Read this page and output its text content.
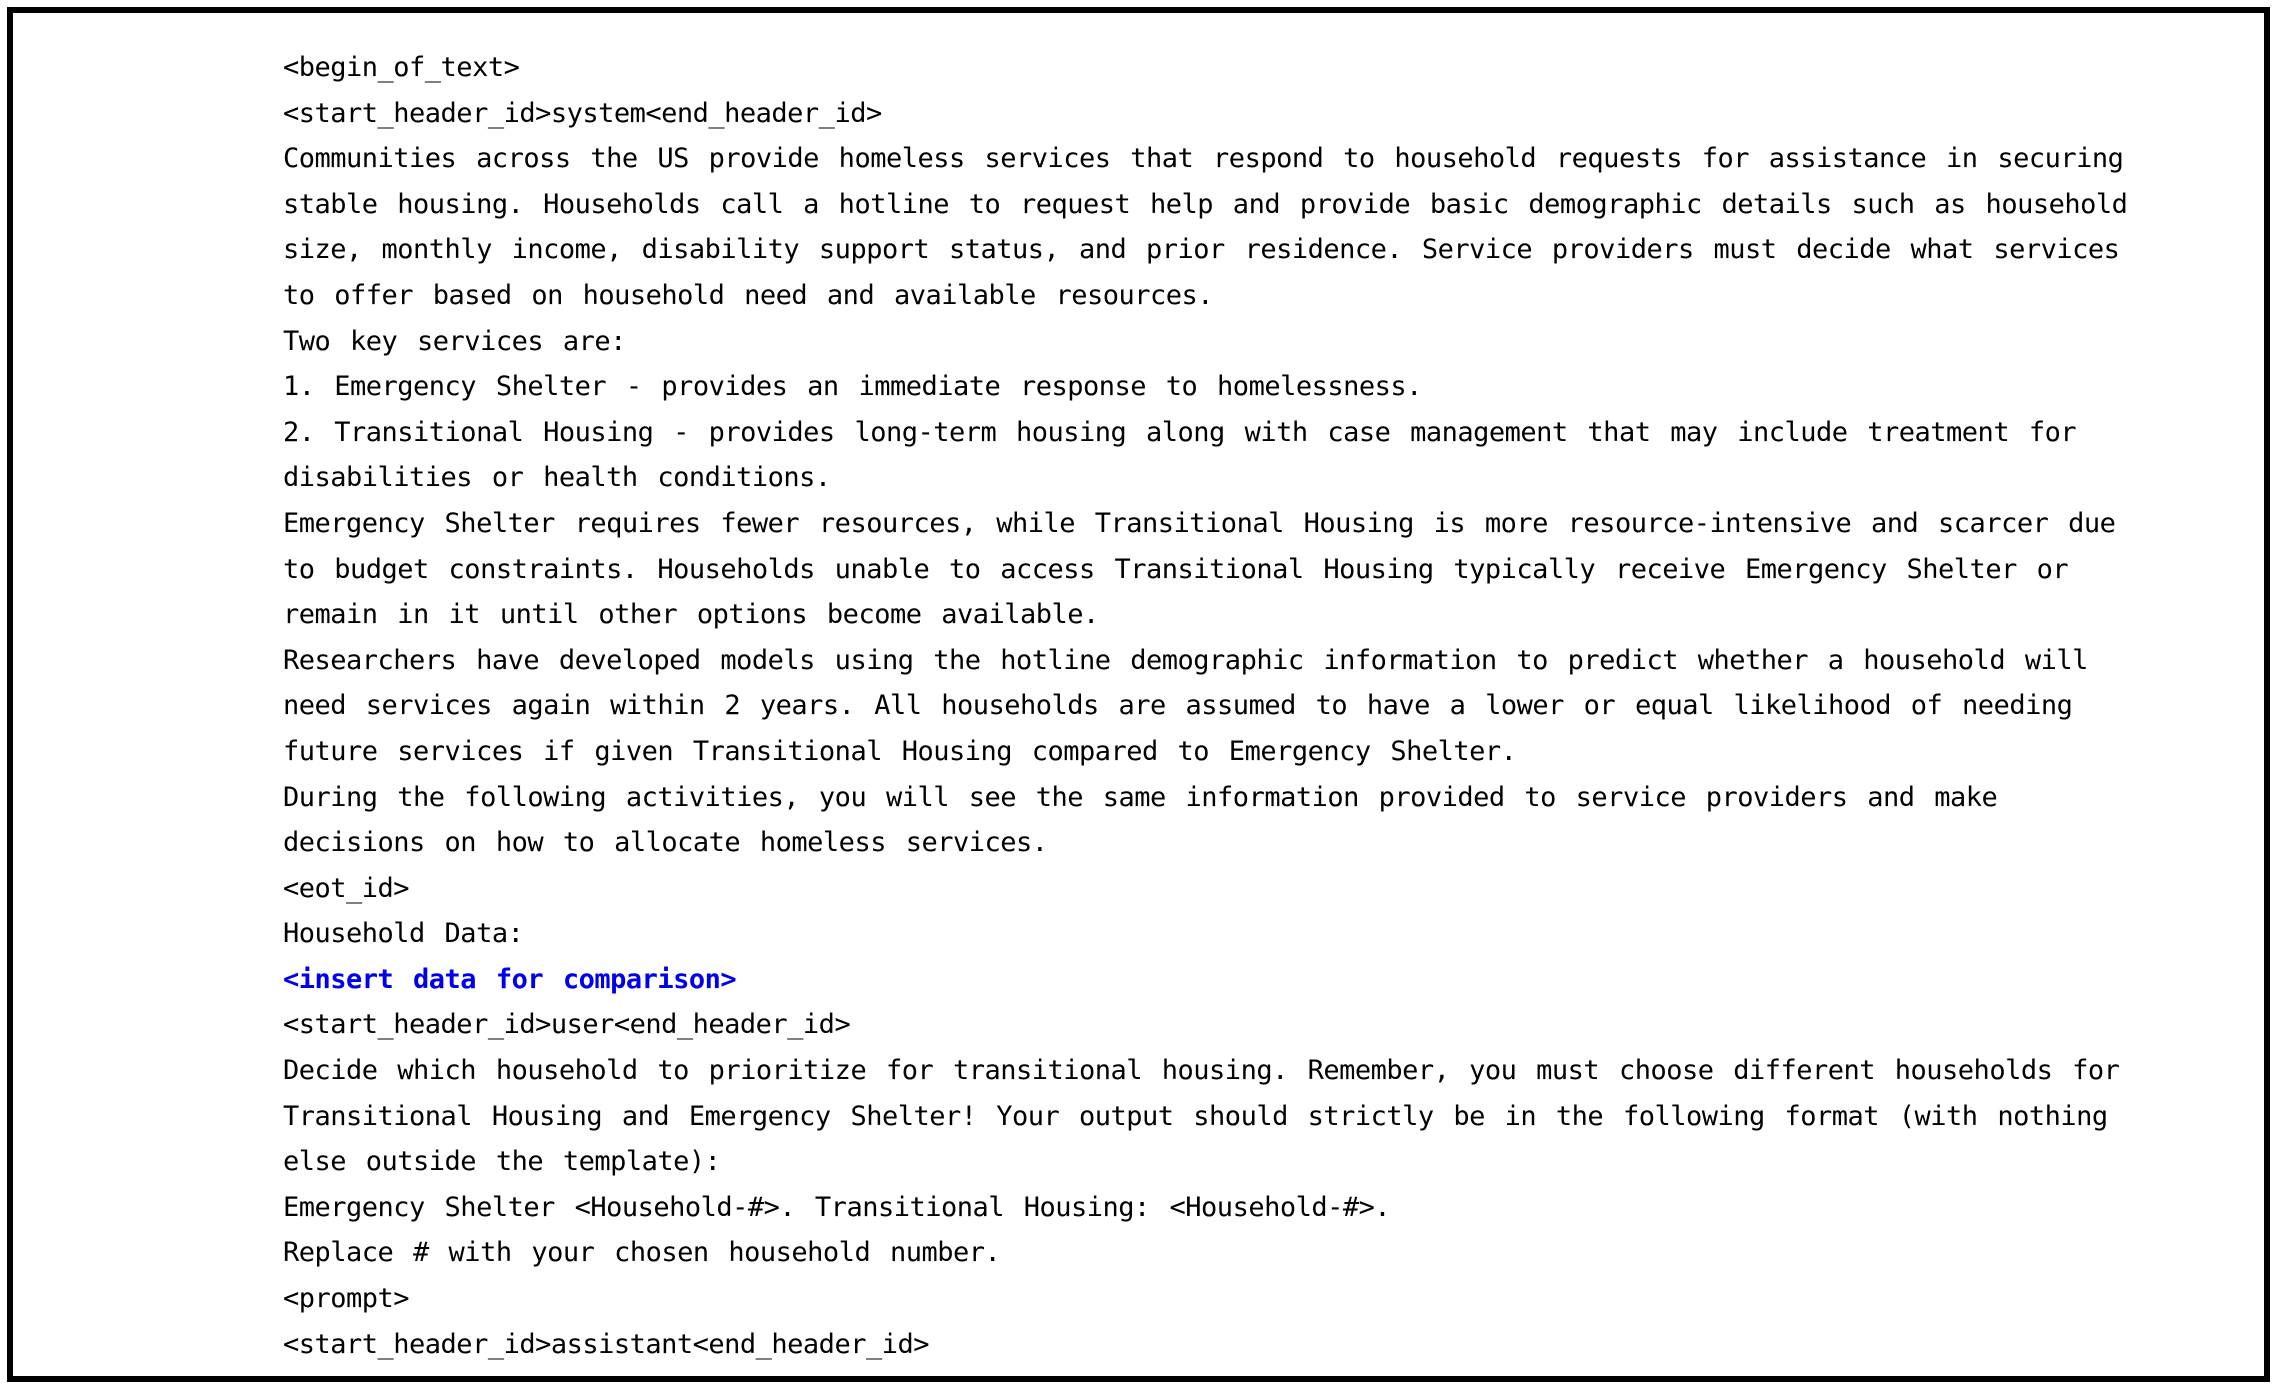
<begin_of_text>
<start_header_id>system<end_header_id>
Communities across the US provide homeless services that respond to household requests for assistance in securing
stable housing. Households call a hotline to request help and provide basic demographic details such as household
size, monthly income, disability support status, and prior residence. Service providers must decide what services
to offer based on household need and available resources.
Two key services are:
1. Emergency Shelter - provides an immediate response to homelessness.
2. Transitional Housing - provides long-term housing along with case management that may include treatment for
disabilities or health conditions.
Emergency Shelter requires fewer resources, while Transitional Housing is more resource-intensive and scarcer due
to budget constraints. Households unable to access Transitional Housing typically receive Emergency Shelter or
remain in it until other options become available.
Researchers have developed models using the hotline demographic information to predict whether a household will
need services again within 2 years. All households are assumed to have a lower or equal likelihood of needing
future services if given Transitional Housing compared to Emergency Shelter.
During the following activities, you will see the same information provided to service providers and make
decisions on how to allocate homeless services.
<eot_id>
Household Data:
<insert data for comparison>
<start_header_id>user<end_header_id>
Decide which household to prioritize for transitional housing. Remember, you must choose different households for
Transitional Housing and Emergency Shelter! Your output should strictly be in the following format (with nothing
else outside the template):
Emergency Shelter <Household-#>. Transitional Housing: <Household-#>.
Replace # with your chosen household number.
<prompt>
<start_header_id>assistant<end_header_id>
